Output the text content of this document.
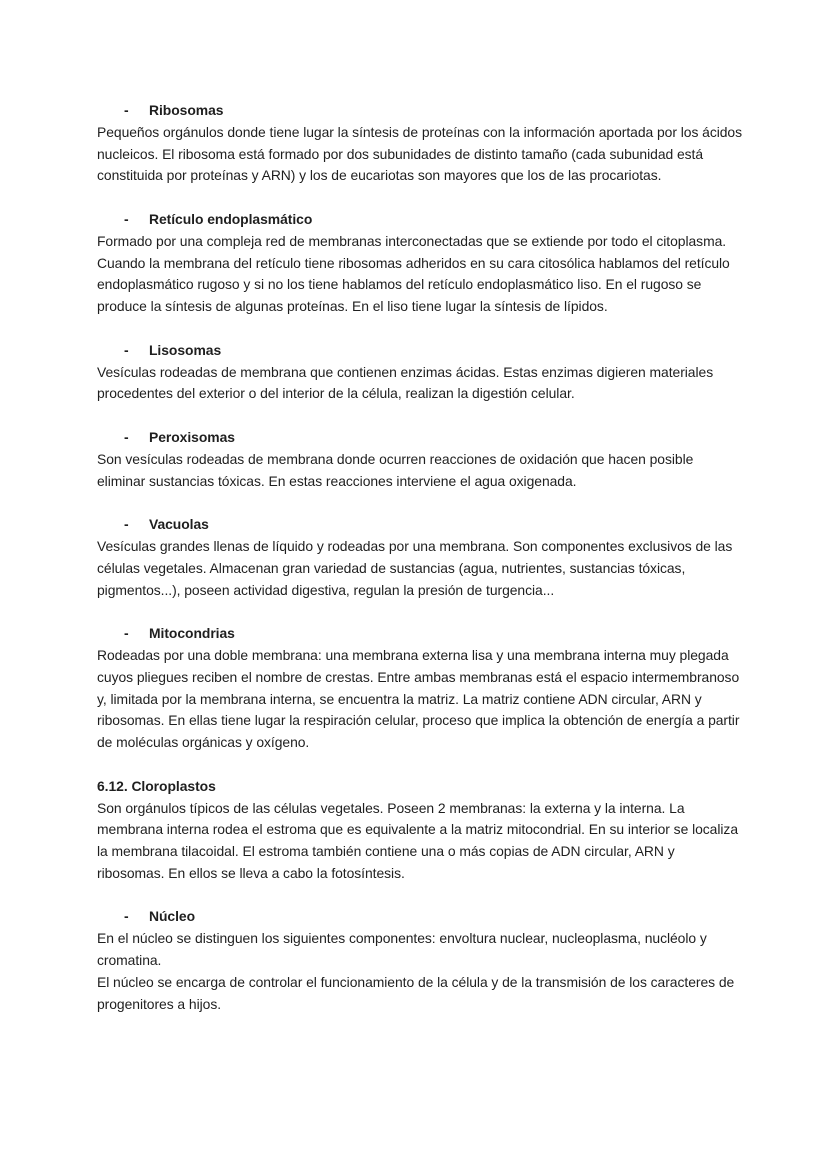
- Ribosomas

Pequeños orgánulos donde tiene lugar la síntesis de proteínas con la información aportada por los ácidos nucleicos. El ribosoma está formado por dos subunidades de distinto tamaño (cada subunidad está constituida por proteínas y ARN) y los de eucariotas son mayores que los de las procariotas.

- Retículo endoplasmático

Formado por una compleja red de membranas interconectadas que se extiende por todo el citoplasma. Cuando la membrana del retículo tiene ribosomas adheridos en su cara citosólica hablamos del retículo endoplasmático rugoso y si no los tiene hablamos del retículo endoplasmático liso. En el rugoso se produce la síntesis de algunas proteínas. En el liso tiene lugar la síntesis de lípidos.

- Lisosomas

Vesículas rodeadas de membrana que contienen enzimas ácidas. Estas enzimas digieren materiales procedentes del exterior o del interior de la célula, realizan la digestión celular.

- Peroxisomas

Son vesículas rodeadas de membrana donde ocurren reacciones de oxidación que hacen posible eliminar sustancias tóxicas. En estas reacciones interviene el agua oxigenada.

- Vacuolas

Vesículas grandes llenas de líquido y rodeadas por una membrana. Son componentes exclusivos de las células vegetales. Almacenan gran variedad de sustancias (agua, nutrientes, sustancias tóxicas, pigmentos...), poseen actividad digestiva, regulan la presión de turgencia...

- Mitocondrias

Rodeadas por una doble membrana: una membrana externa lisa y una membrana interna muy plegada cuyos pliegues reciben el nombre de crestas. Entre ambas membranas está el espacio intermembranoso y, limitada por la membrana interna, se encuentra la matriz. La matriz contiene ADN circular, ARN y ribosomas. En ellas tiene lugar la respiración celular, proceso que implica la obtención de energía a partir de moléculas orgánicas y oxígeno.

6.12. Cloroplastos

Son orgánulos típicos de las células vegetales. Poseen 2 membranas: la externa y la interna. La membrana interna rodea el estroma que es equivalente a la matriz mitocondrial. En su interior se localiza la membrana tilacoidal. El estroma también contiene una o más copias de ADN circular, ARN y ribosomas. En ellos se lleva a cabo la fotosíntesis.

- Núcleo

En el núcleo se distinguen los siguientes componentes: envoltura nuclear, nucleoplasma, nucléolo y cromatina.

El núcleo se encarga de controlar el funcionamiento de la célula y de la transmisión de los caracteres de progenitores a hijos.
